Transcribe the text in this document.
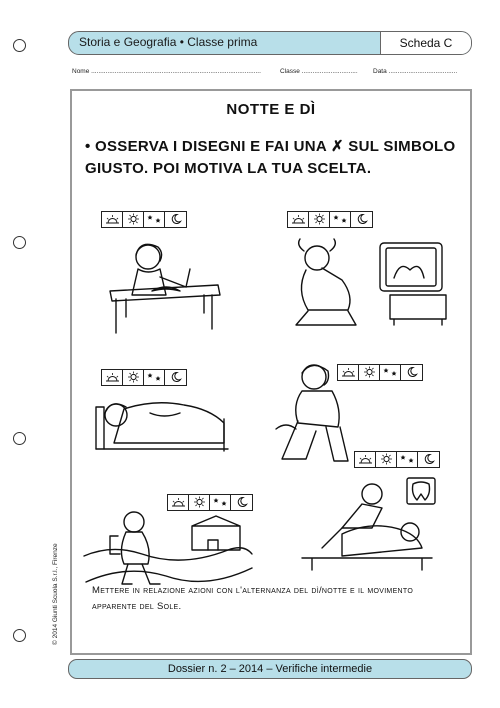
Storia e Geografia • Classe prima	Scheda C
Nome ..............................................................................................	Classe ............................... Data ......................................
NOTTE E DÌ
• OSSERVA I DISEGNI E FAI UNA ✗ SUL SIMBOLO GIUSTO. POI MOTIVA LA TUA SCELTA.
Mettere in relazione azioni con l'alternanza del dì/notte e il movimento apparente del Sole.
© 2014 Giunti Scuola S.r.l., Firenze
Dossier n. 2 – 2014 – Verifiche intermedie
